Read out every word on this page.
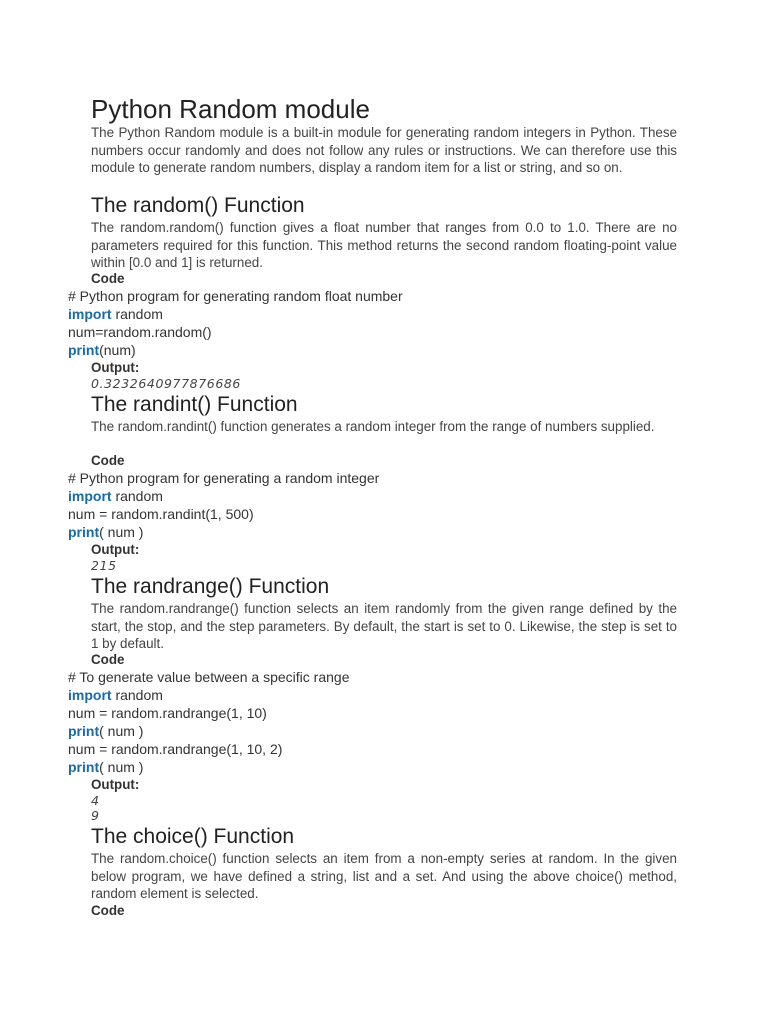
Python Random module

The Python Random module is a built-in module for generating random integers in Python. These numbers occur randomly and does not follow any rules or instructions. We can therefore use this module to generate random numbers, display a random item for a list or string, and so on.

The random() Function

The random.random() function gives a float number that ranges from 0.0 to 1.0. There are no parameters required for this function. This method returns the second random floating-point value within [0.0 and 1] is returned.

Code
# Python program for generating random float number
import random
num=random.random()
print(num)
Output:
0.3232640977876686
The randint() Function

The random.randint() function generates a random integer from the range of numbers supplied.

Code
# Python program for generating a random integer
import random
num = random.randint(1, 500)
print( num )
Output:
215
The randrange() Function

The random.randrange() function selects an item randomly from the given range defined by the start, the stop, and the step parameters. By default, the start is set to 0. Likewise, the step is set to 1 by default.

Code
# To generate value between a specific range
import random
num = random.randrange(1, 10)
print( num )
num = random.randrange(1, 10, 2)
print( num )
Output:
4
9
The choice() Function

The random.choice() function selects an item from a non-empty series at random. In the given below program, we have defined a string, list and a set. And using the above choice() method, random element is selected.

Code
